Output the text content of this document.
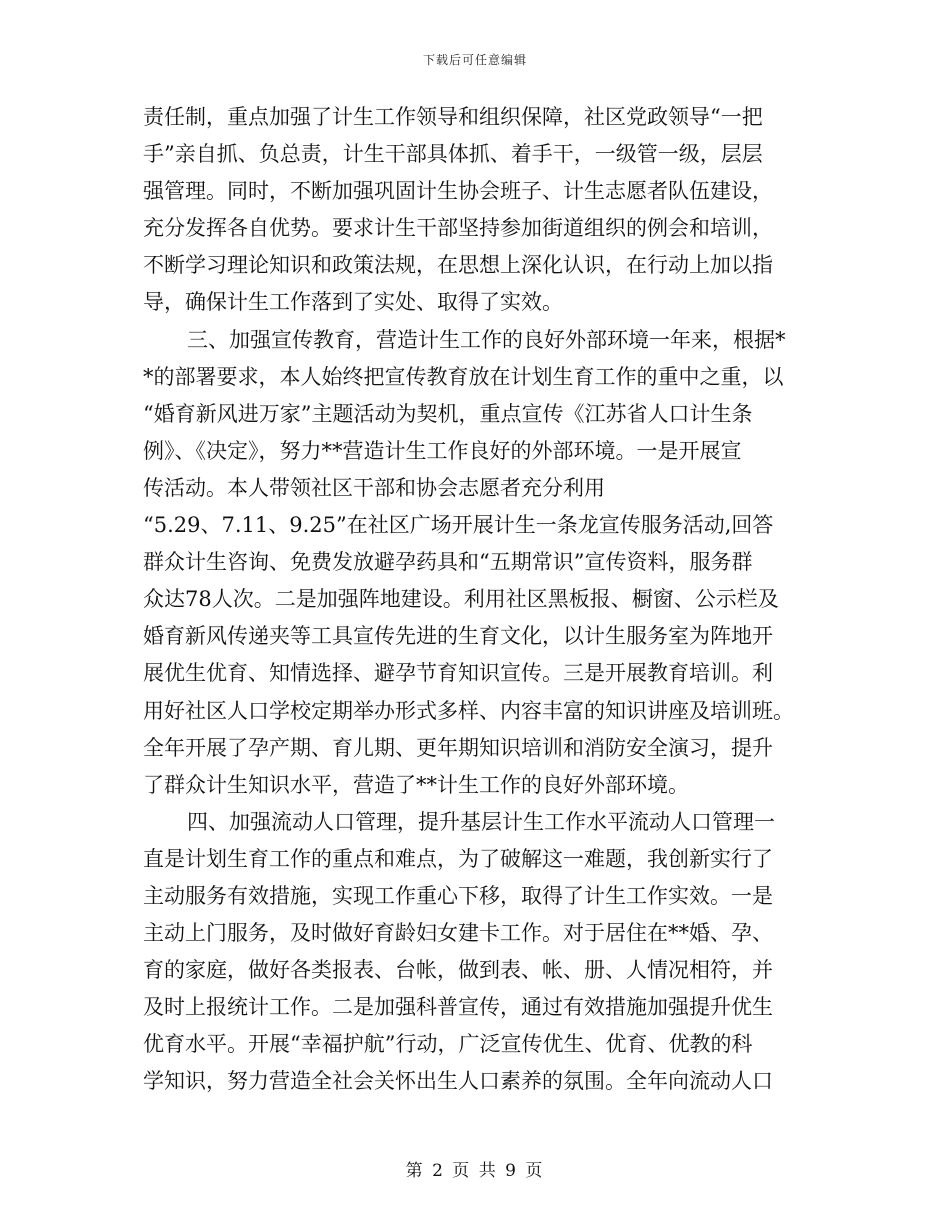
下载后可任意编辑
责任制，重点加强了计生工作领导和组织保障，社区党政领导“一把
手”亲自抓、负总责，计生干部具体抓、着手干，一级管一级，层层
强管理。同时，不断加强巩固计生协会班子、计生志愿者队伍建设，
充分发挥各自优势。要求计生干部坚持参加街道组织的例会和培训，
不断学习理论知识和政策法规，在思想上深化认识，在行动上加以指
导，确保计生工作落到了实处、取得了实效。
三、加强宣传教育，营造计生工作的良好外部环境一年来，根据*
*的部署要求，本人始终把宣传教育放在计划生育工作的重中之重，以
“婚育新风进万家”主题活动为契机，重点宣传《江苏省人口计生条
例》、《决定》，努力**营造计生工作良好的外部环境。一是开展宣
传活动。本人带领社区干部和协会志愿者充分利用
“5.29、7.11、9.25”在社区广场开展计生一条龙宣传服务活动,回答
群众计生咨询、免费发放避孕药具和“五期常识”宣传资料，服务群
众达78人次。二是加强阵地建设。利用社区黑板报、橱窗、公示栏及
婚育新风传递夹等工具宣传先进的生育文化，以计生服务室为阵地开
展优生优育、知情选择、避孕节育知识宣传。三是开展教育培训。利
用好社区人口学校定期举办形式多样、内容丰富的知识讲座及培训班。
全年开展了孕产期、育儿期、更年期知识培训和消防安全演习，提升
了群众计生知识水平，营造了**计生工作的良好外部环境。
四、加强流动人口管理，提升基层计生工作水平流动人口管理一
直是计划生育工作的重点和难点，为了破解这一难题，我创新实行了
主动服务有效措施，实现工作重心下移，取得了计生工作实效。一是
主动上门服务，及时做好育龄妇女建卡工作。对于居住在**婚、孕、
育的家庭，做好各类报表、台帐，做到表、帐、册、人情况相符，并
及时上报统计工作。二是加强科普宣传，通过有效措施加强提升优生
优育水平。开展“幸福护航”行动，广泛宣传优生、优育、优教的科
学知识，努力营造全社会关怀出生人口素养的氛围。全年向流动人口
第 2 页 共 9 页
